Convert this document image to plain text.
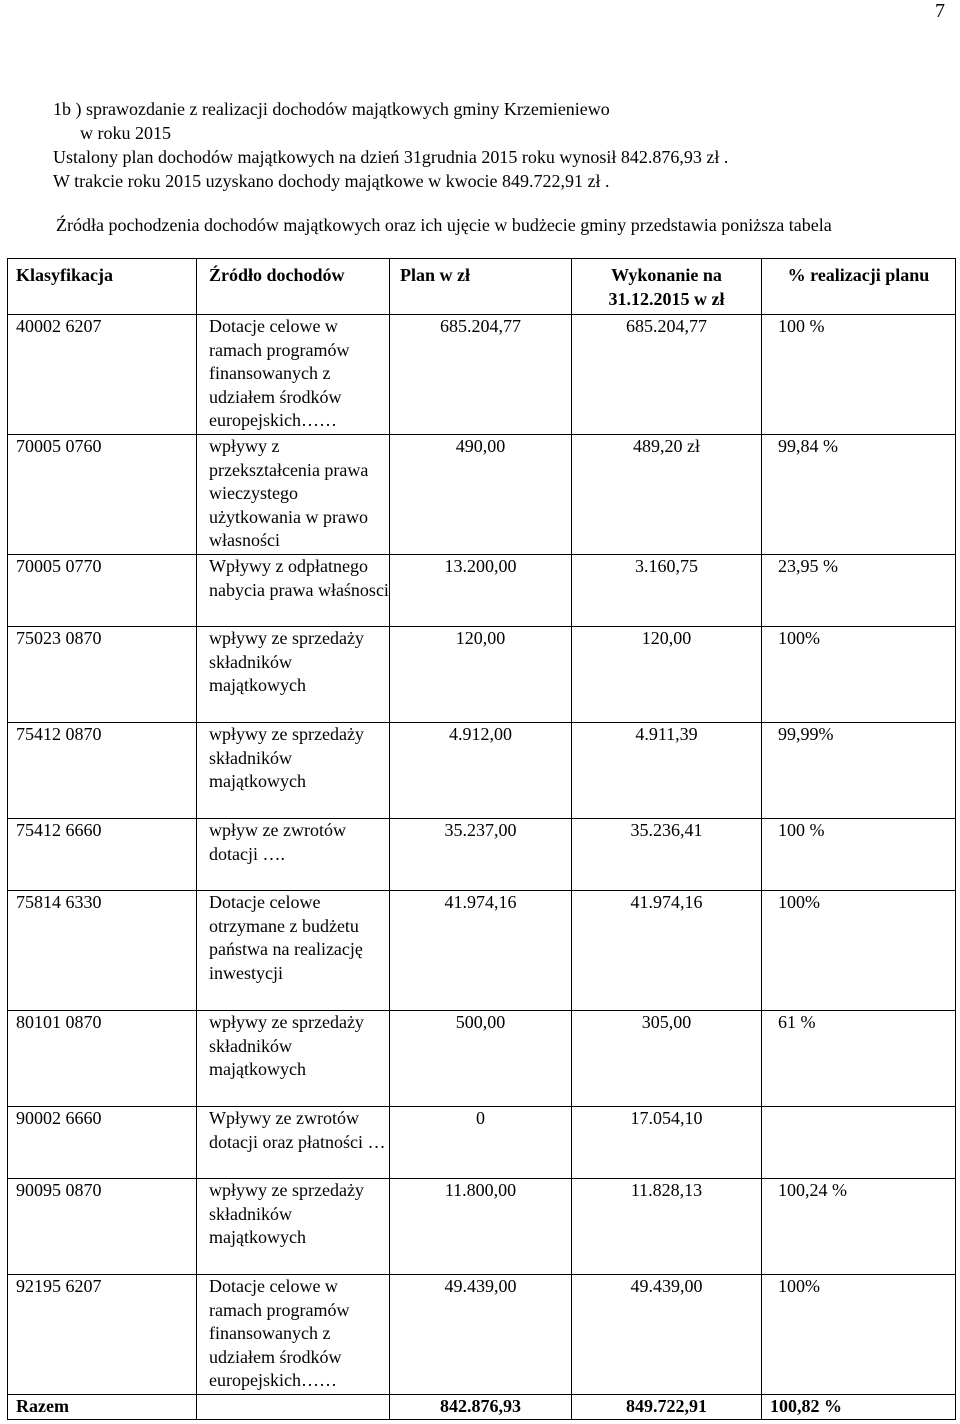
7
1b ) sprawozdanie z realizacji dochodów majątkowych gminy Krzemieniewo
w roku 2015
Ustalony plan dochodów majątkowych na dzień 31grudnia 2015 roku wynosił 842.876,93 zł .
W trakcie roku 2015 uzyskano dochody majątkowe w kwocie 849.722,91 zł .
Źródła pochodzenia dochodów majątkowych oraz ich ujęcie w budżecie gminy przedstawia poniższa tabela
Klasyfikacja	Źródło dochodów	Plan w zł	Wykonanie na 31.12.2015 w zł	% realizacji planu
40002 6207	Dotacje celowe w ramach programów finansowanych z udziałem środków europejskich……	685.204,77	685.204,77	100 %
70005 0760	wpływy z przekształcenia prawa wieczystego użytkowania w prawo własności	490,00	489,20 zł	99,84 %
70005 0770	Wpływy z odpłatnego nabycia prawa właśnosci	13.200,00	3.160,75	23,95 %
75023 0870	wpływy ze sprzedaży składników majątkowych	120,00	120,00	100%
75412 0870	wpływy ze sprzedaży składników majątkowych	4.912,00	4.911,39	99,99%
75412 6660	wpływ ze zwrotów dotacji ….	35.237,00	35.236,41	100 %
75814 6330	Dotacje celowe otrzymane z budżetu państwa na realizację inwestycji	41.974,16	41.974,16	100%
80101 0870	wpływy ze sprzedaży składników majątkowych	500,00	305,00	61 %
90002 6660	Wpływy ze zwrotów dotacji oraz płatności …	0	17.054,10	
90095 0870	wpływy ze sprzedaży składników majątkowych	11.800,00	11.828,13	100,24 %
92195 6207	Dotacje celowe w ramach programów finansowanych z udziałem środków europejskich……	49.439,00	49.439,00	100%
Razem		842.876,93	849.722,91	100,82 %
